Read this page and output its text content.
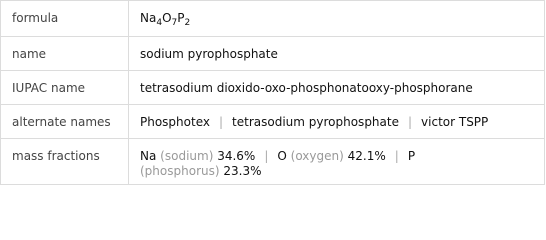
formula	$Na_4O_7P_2$

name	sodium pyrophosphate

IUPAC name	tetrasodium dioxido-oxo-phosphonatooxy-phosphorane

alternate names	Phosphotex | tetrasodium pyrophosphate | victor TSPP

mass fractions	Na (sodium) 34.6% | O (oxygen) 42.1% | P
(phosphorus) 23.3%
